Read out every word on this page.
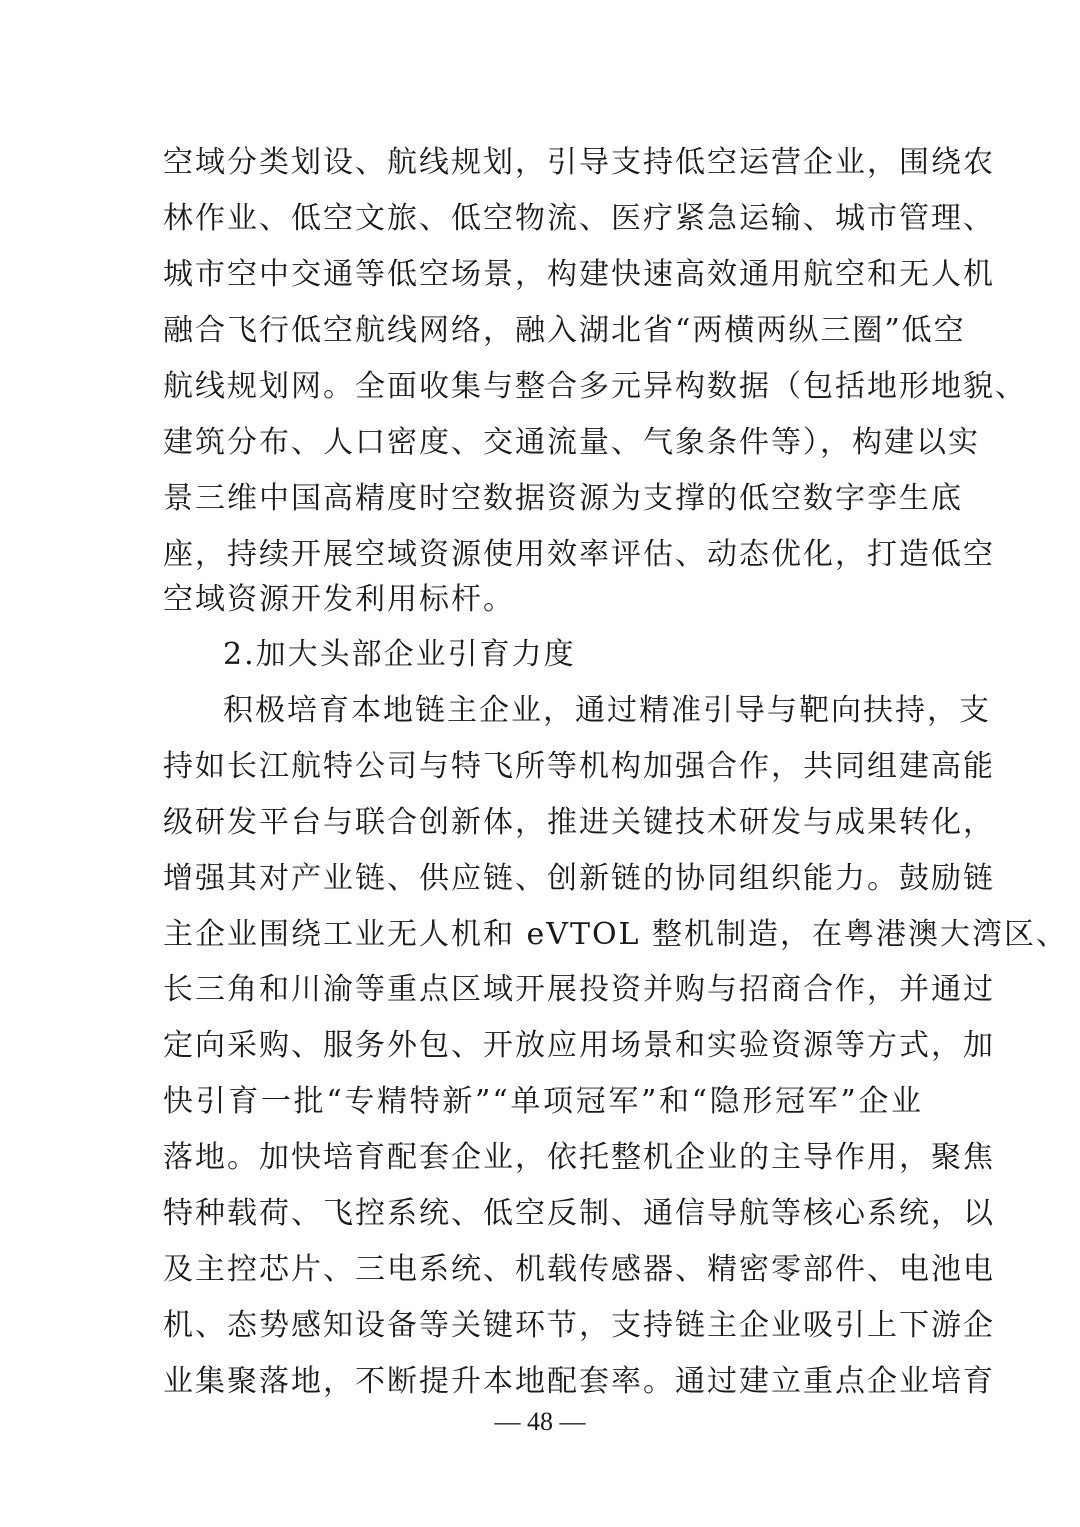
空域分类划设、航线规划，引导支持低空运营企业，围绕农
林作业、低空文旅、低空物流、医疗紧急运输、城市管理、
城市空中交通等低空场景，构建快速高效通用航空和无人机
融合飞行低空航线网络，融入湖北省“两横两纵三圈”低空
航线规划网。全面收集与整合多元异构数据（包括地形地貌、
建筑分布、人口密度、交通流量、气象条件等），构建以实
景三维中国高精度时空数据资源为支撑的低空数字孪生底
座，持续开展空域资源使用效率评估、动态优化，打造低空
空域资源开发利用标杆。
2.加大头部企业引育力度
积极培育本地链主企业，通过精准引导与靶向扶持，支
持如长江航特公司与特飞所等机构加强合作，共同组建高能
级研发平台与联合创新体，推进关键技术研发与成果转化，
增强其对产业链、供应链、创新链的协同组织能力。鼓励链
主企业围绕工业无人机和 eVTOL 整机制造，在粤港澳大湾区、
长三角和川渝等重点区域开展投资并购与招商合作，并通过
定向采购、服务外包、开放应用场景和实验资源等方式，加
快引育一批“专精特新”“单项冠军”和“隐形冠军”企业
落地。加快培育配套企业，依托整机企业的主导作用，聚焦
特种载荷、飞控系统、低空反制、通信导航等核心系统，以
及主控芯片、三电系统、机载传感器、精密零部件、电池电
机、态势感知设备等关键环节，支持链主企业吸引上下游企
业集聚落地，不断提升本地配套率。通过建立重点企业培育
— 48 —
